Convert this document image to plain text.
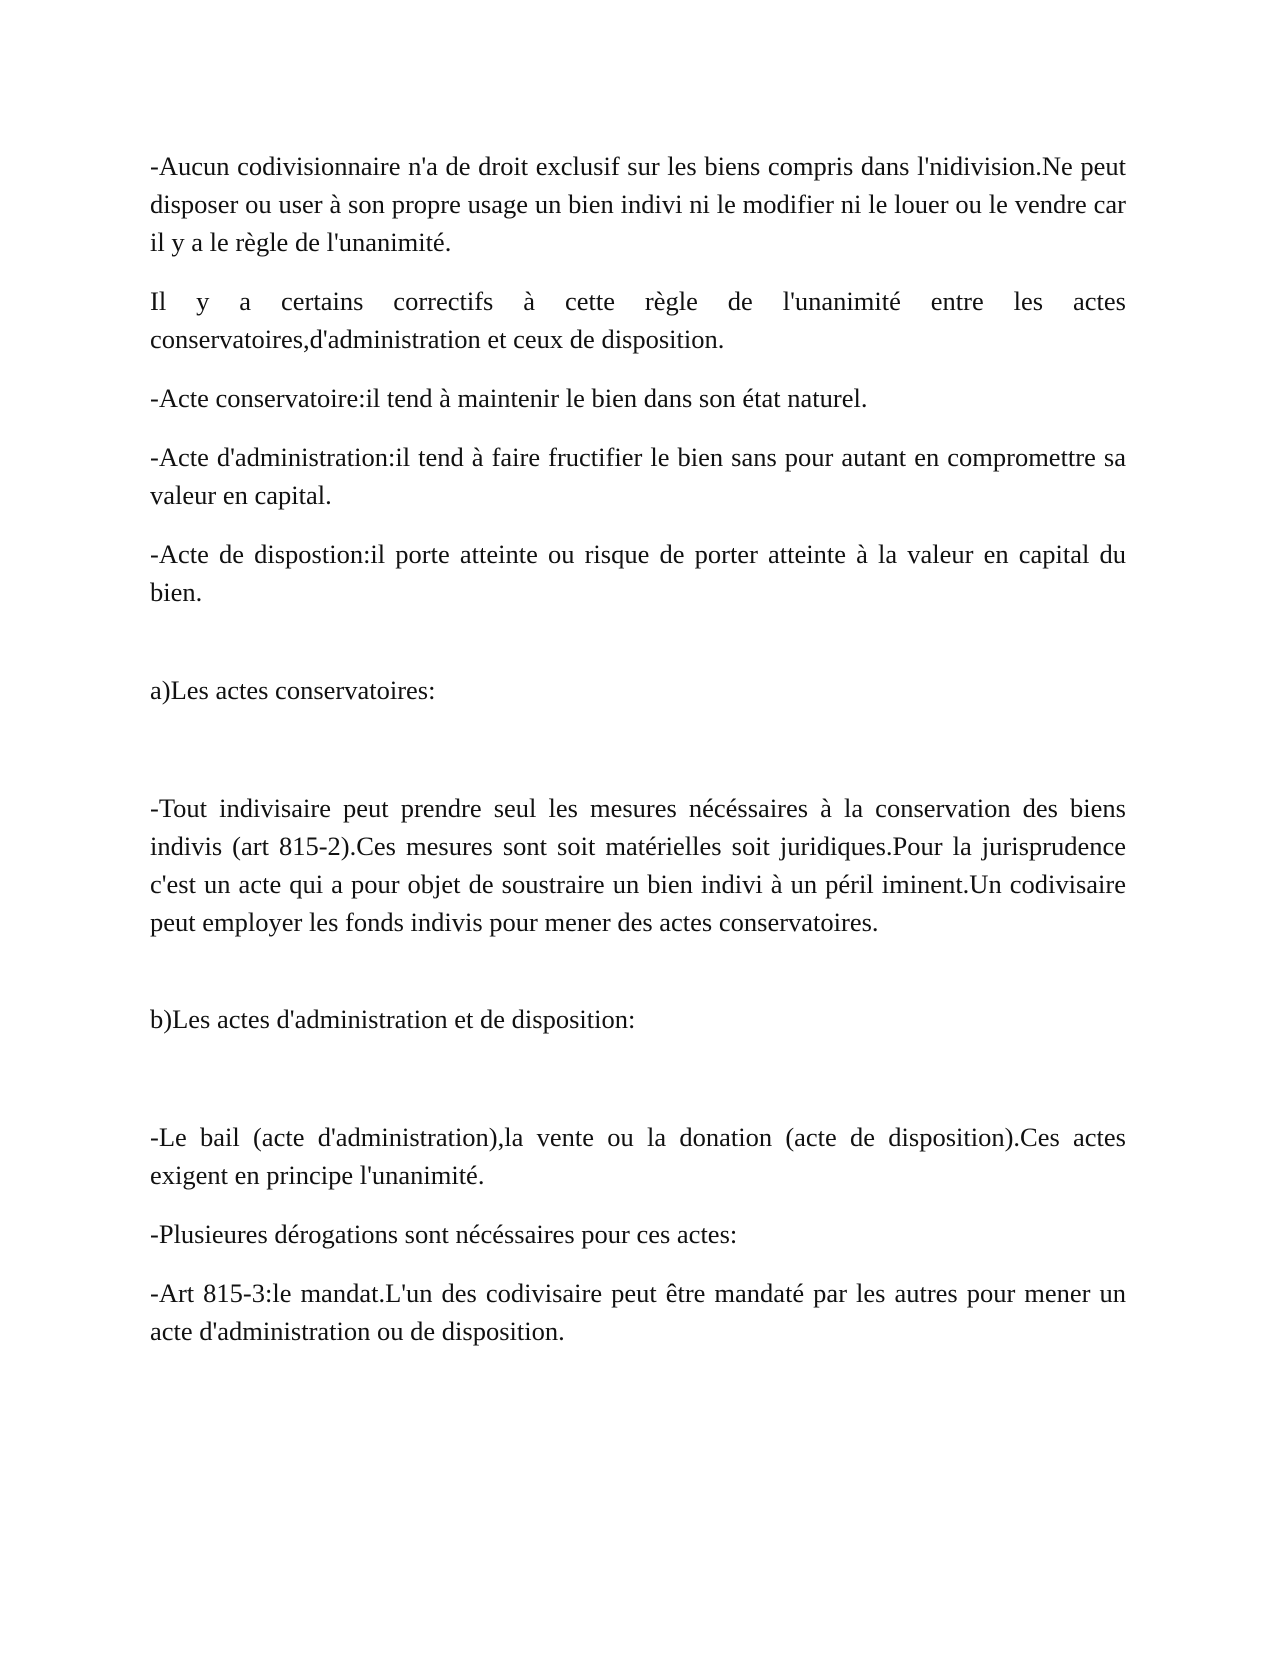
-Aucun codivisionnaire n'a de droit exclusif sur les biens compris dans l'nidivision.Ne peut disposer ou user à son propre usage un bien indivi ni le modifier ni le louer ou le vendre car il y a le règle de l'unanimité.

Il y a certains correctifs à cette règle de l'unanimité entre les actes conservatoires,d'administration et ceux de disposition.

-Acte conservatoire:il tend à maintenir le bien dans son état naturel.

-Acte d'administration:il tend à faire fructifier le bien sans pour autant en compromettre sa valeur en capital.

-Acte de dispostion:il porte atteinte ou risque de porter atteinte à la valeur en capital du bien.

a)Les actes conservatoires:

-Tout indivisaire peut prendre seul les mesures nécéssaires à la conservation des biens indivis (art 815-2).Ces mesures sont soit matérielles soit juridiques.Pour la jurisprudence c'est un acte qui a pour objet de soustraire un bien indivi à un péril iminent.Un codivisaire peut employer les fonds indivis pour mener des actes conservatoires.

b)Les actes d'administration et de disposition:

-Le bail (acte d'administration),la vente ou la donation (acte de disposition).Ces actes exigent en principe l'unanimité.

-Plusieures dérogations sont nécéssaires pour ces actes:

-Art 815-3:le mandat.L'un des codivisaire peut être mandaté par les autres pour mener un acte d'administration ou de disposition.
